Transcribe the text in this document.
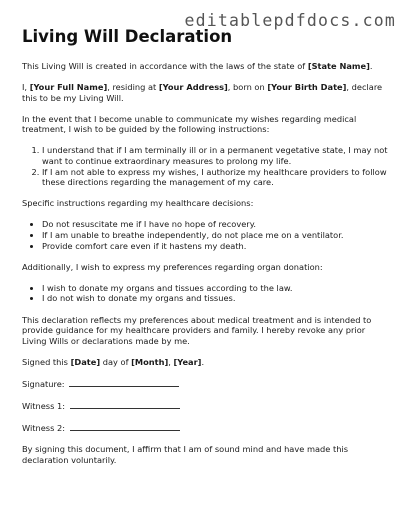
editablepdfdocs.com
Living Will Declaration

This Living Will is created in accordance with the laws of the state of [State Name].

I, [Your Full Name], residing at [Your Address], born on [Your Birth Date], declare this to be my Living Will.

In the event that I become unable to communicate my wishes regarding medical treatment, I wish to be guided by the following instructions:

1. I understand that if I am terminally ill or in a permanent vegetative state, I may not want to continue extraordinary measures to prolong my life.
2. If I am not able to express my wishes, I authorize my healthcare providers to follow these directions regarding the management of my care.

Specific instructions regarding my healthcare decisions:

• Do not resuscitate me if I have no hope of recovery.
• If I am unable to breathe independently, do not place me on a ventilator.
• Provide comfort care even if it hastens my death.

Additionally, I wish to express my preferences regarding organ donation:

• I wish to donate my organs and tissues according to the law.
• I do not wish to donate my organs and tissues.

This declaration reflects my preferences about medical treatment and is intended to provide guidance for my healthcare providers and family. I hereby revoke any prior Living Wills or declarations made by me.

Signed this [Date] day of [Month], [Year].

Signature:
Witness 1:
Witness 2:

By signing this document, I affirm that I am of sound mind and have made this declaration voluntarily.
